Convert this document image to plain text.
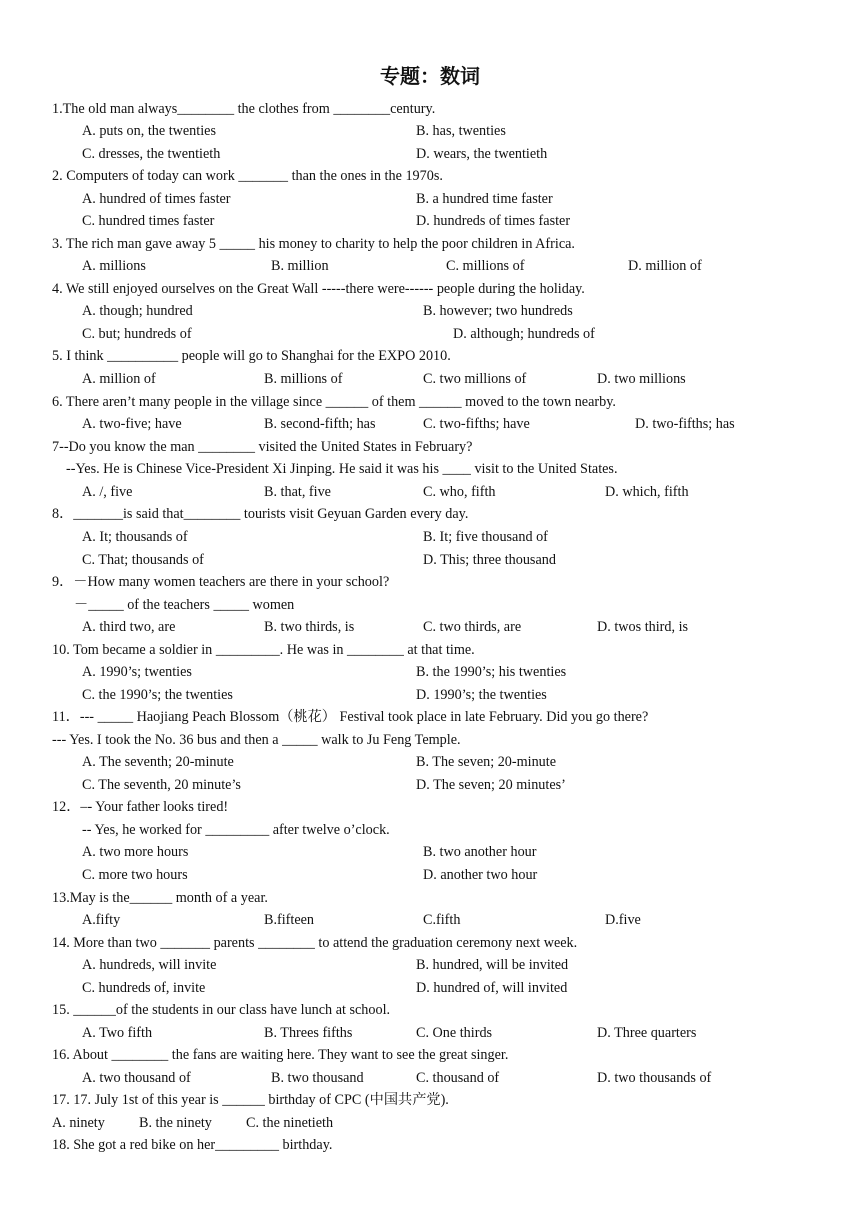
专题：数词
1.The old man always________ the clothes from ________century.
A. puts on, the twenties	B. has, twenties
C. dresses, the twentieth	D. wears, the twentieth
2. Computers of today can work _______ than the ones in the 1970s.
A. hundred of times faster	B. a hundred time faster
C. hundred times faster	D. hundreds of times faster
3. The rich man gave away 5 _____ his money to charity to help the poor children in Africa.
A. millions	B. million	C. millions of	D. million of
4. We still enjoyed ourselves on the Great Wall -----there were------ people during the holiday.
A. though; hundred	B. however; two hundreds
C. but; hundreds of	D. although; hundreds of
5. I think __________ people will go to Shanghai for the EXPO 2010.
A. million of	B. millions of	C. two millions of	D. two millions
6. There aren’t many people in the village since ______ of them ______ moved to the town nearby.
A. two-five; have	B. second-fifth; has	C. two-fifths; have	D. two-fifths; has
7--Do you know the man ________ visited the United States in February?
--Yes. He is Chinese Vice-President Xi Jinping. He said it was his ____ visit to the United States.
A. /, five	B. that, five	C. who, fifth	D. which, fifth
8．_______is said that________ tourists visit Geyuan Garden every day.
A. It; thousands of	B. It; five thousand of
C. That; thousands of	D. This; three thousand
9．－How many women teachers are there in your school?
－_____ of the teachers _____ women
A. third two, are	B. two thirds, is	C. two thirds, are	D. twos third, is
10. Tom became a soldier in _________. He was in ________ at that time.
A. 1990’s; twenties	B. the 1990’s; his twenties
C. the 1990’s; the twenties	D. 1990’s; the twenties
11．--- _____ Haojiang Peach Blossom（桃花） Festival took place in late February. Did you go there?
--- Yes. I took the No. 36 bus and then a _____ walk to Ju Feng Temple.
A. The seventh; 20-minute	B. The seven; 20-minute
C. The seventh, 20 minute’s	D. The seven; 20 minutes’
12．–- Your father looks tired!
-- Yes, he worked for _________ after twelve o’clock.
A. two more hours	B. two another hour
C. more two hours	D. another two hour
13.May is the______ month of a year.
A.fifty	B.fifteen	C.fifth	D.five
14. More than two _______ parents ________ to attend the graduation ceremony next week.
A. hundreds, will invite	B. hundred, will be invited
C. hundreds of, invite	D. hundred of, will invited
15. ______of the students in our class have lunch at school.
A. Two fifth	B. Threes fifths	C. One thirds	D. Three quarters
16. About ________ the fans are waiting here. They want to see the great singer.
A. two thousand of	B. two thousand	C. thousand of	D. two thousands of
17. 17. July 1st of this year is ______ birthday of CPC (中国共产党).
A. ninety B. the ninety C. the ninetieth
18. She got a red bike on her_________ birthday.
